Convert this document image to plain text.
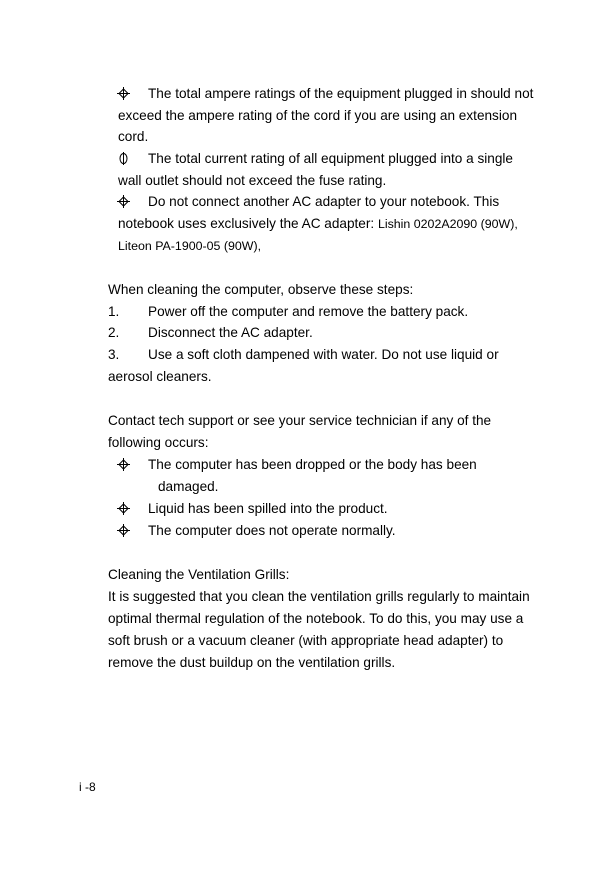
The total ampere ratings of the equipment plugged in should not
exceed the ampere rating of the cord if you are using an extension
cord.
The total current rating of all equipment plugged into a single
wall outlet should not exceed the fuse rating.
Do not connect another AC adapter to your notebook. This
notebook uses exclusively the AC adapter: Lishin 0202A2090 (90W),
Liteon PA-1900-05 (90W),
When cleaning the computer, observe these steps:
1. Power off the computer and remove the battery pack.
2. Disconnect the AC adapter.
3. Use a soft cloth dampened with water. Do not use liquid or
aerosol cleaners.
Contact tech support or see your service technician if any of the
following occurs:
The computer has been dropped or the body has been
damaged.
Liquid has been spilled into the product.
The computer does not operate normally.
Cleaning the Ventilation Grills:
It is suggested that you clean the ventilation grills regularly to maintain
optimal thermal regulation of the notebook. To do this, you may use a
soft brush or a vacuum cleaner (with appropriate head adapter) to
remove the dust buildup on the ventilation grills.
i -8
